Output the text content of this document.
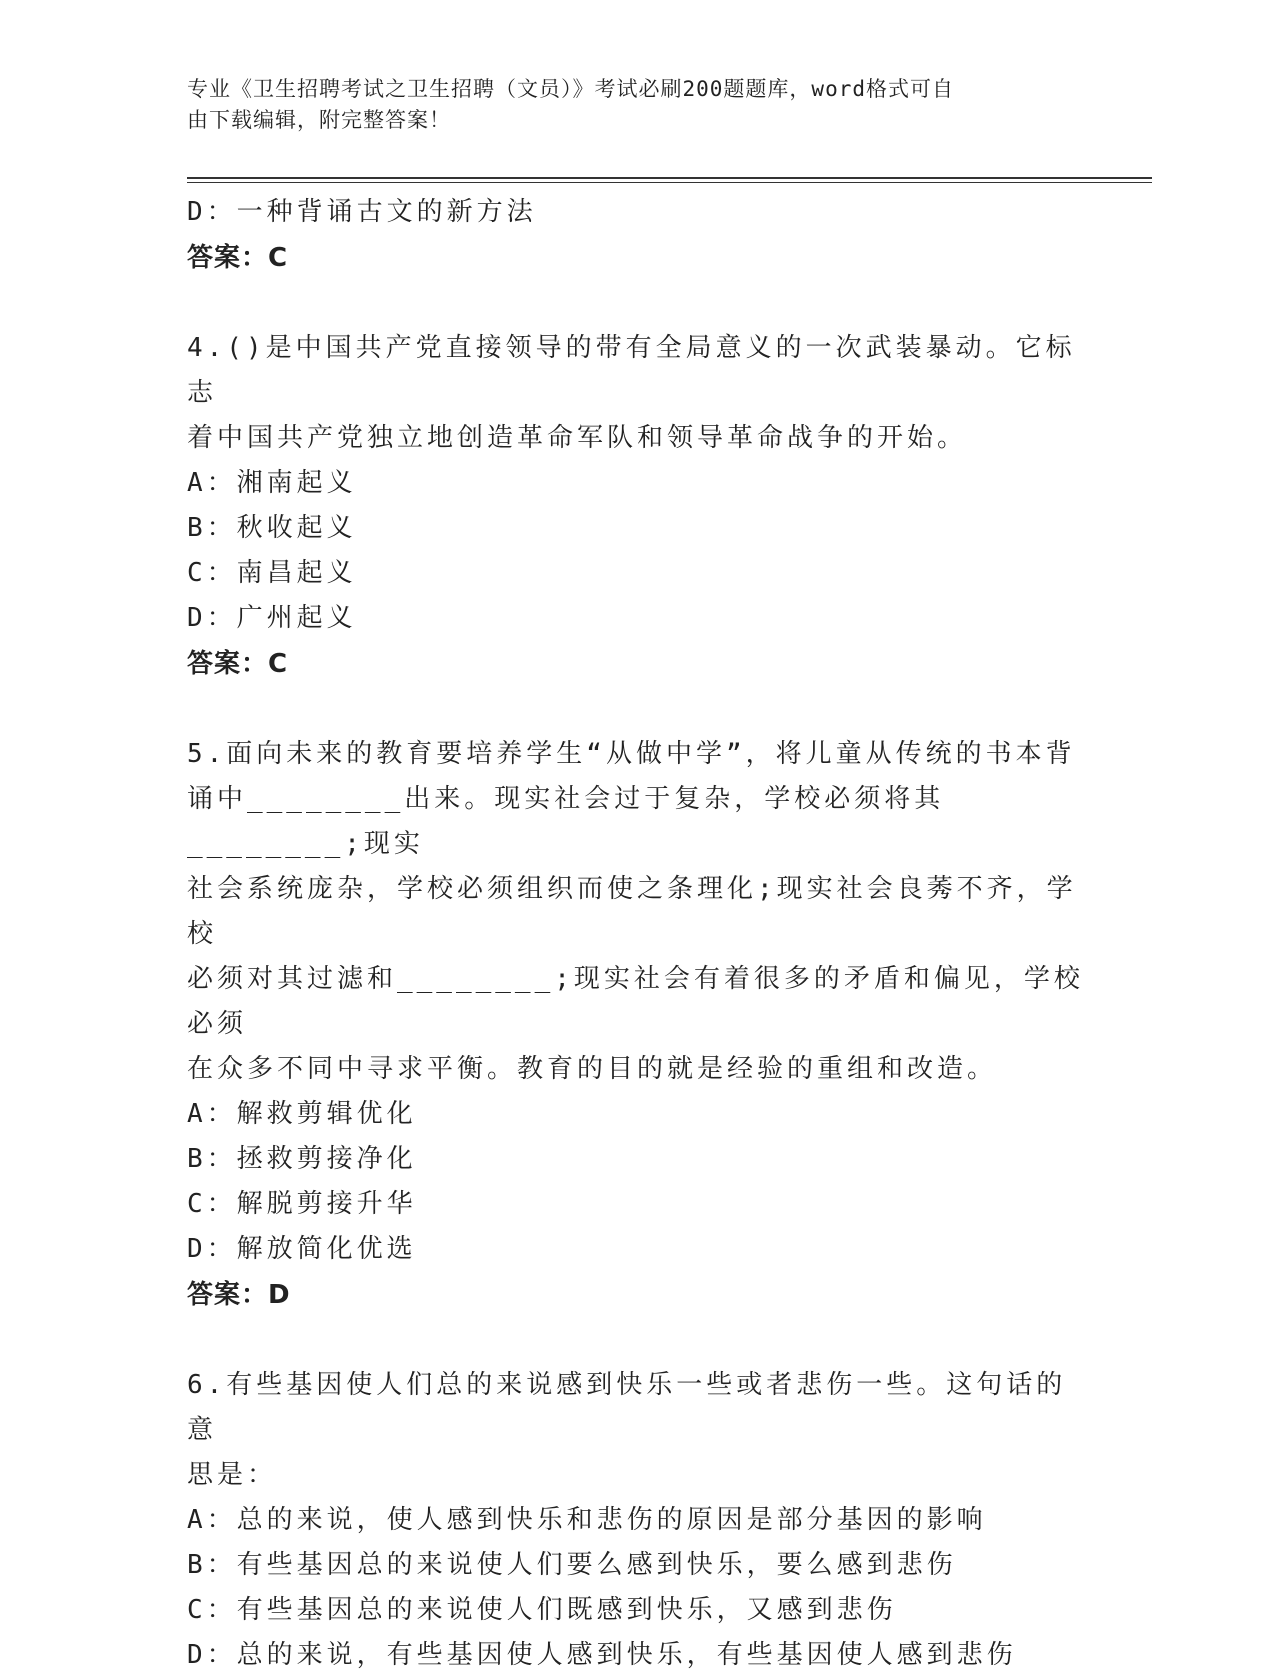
专业《卫生招聘考试之卫生招聘（文员）》考试必刷200题题库，word格式可自
由下载编辑，附完整答案！
D：一种背诵古文的新方法
答案：C
4.()是中国共产党直接领导的带有全局意义的一次武装暴动。它标志
着中国共产党独立地创造革命军队和领导革命战争的开始。
A：湘南起义
B：秋收起义
C：南昌起义
D：广州起义
答案：C
5.面向未来的教育要培养学生“从做中学”，将儿童从传统的书本背
诵中________出来。现实社会过于复杂，学校必须将其________;现实
社会系统庞杂，学校必须组织而使之条理化;现实社会良莠不齐，学校
必须对其过滤和________;现实社会有着很多的矛盾和偏见，学校必须
在众多不同中寻求平衡。教育的目的就是经验的重组和改造。
A：解救剪辑优化
B：拯救剪接净化
C：解脱剪接升华
D：解放简化优选
答案：D
6.有些基因使人们总的来说感到快乐一些或者悲伤一些。这句话的意
思是：
A：总的来说，使人感到快乐和悲伤的原因是部分基因的影响
B：有些基因总的来说使人们要么感到快乐，要么感到悲伤
C：有些基因总的来说使人们既感到快乐，又感到悲伤
D：总的来说，有些基因使人感到快乐，有些基因使人感到悲伤
